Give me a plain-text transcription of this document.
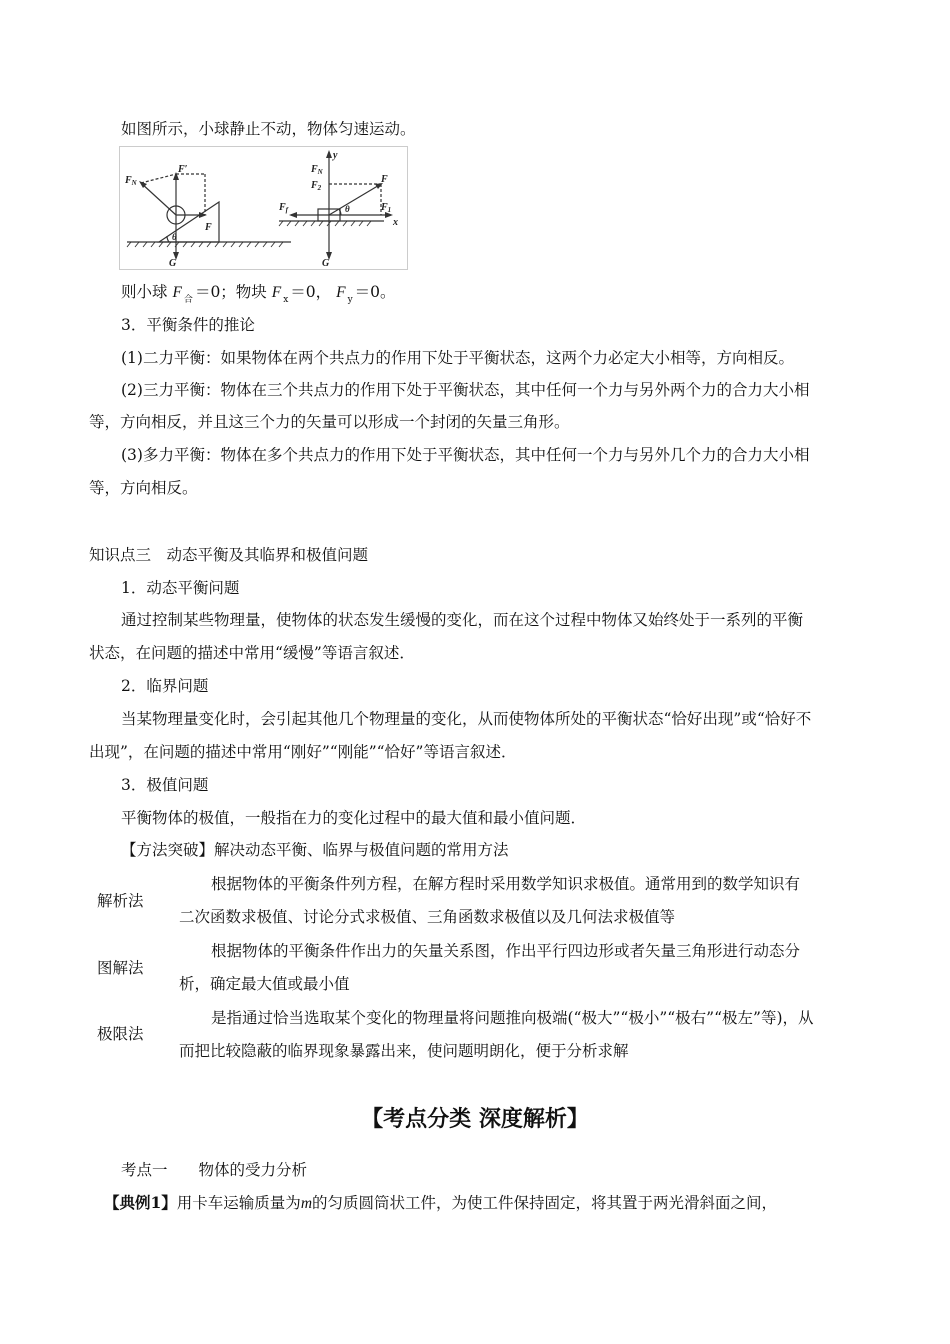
如图所示，小球静止不动，物体匀速运动。
$F_N$
F′
F
θ
G
y
$F_N$
$F_2$
F
$F_f$	$F_1$
θ
x
G
则小球 F $_合$ ＝0；物块 F $_x$ ＝0， F $_y$ ＝0。
3．平衡条件的推论
(1)二力平衡：如果物体在两个共点力的作用下处于平衡状态，这两个力必定大小相等，方向相反。
(2)三力平衡：物体在三个共点力的作用下处于平衡状态，其中任何一个力与另外两个力的合力大小相
等，方向相反，并且这三个力的矢量可以形成一个封闭的矢量三角形。
(3)多力平衡：物体在多个共点力的作用下处于平衡状态，其中任何一个力与另外几个力的合力大小相
等，方向相反。
知识点三　动态平衡及其临界和极值问题
1．动态平衡问题
通过控制某些物理量，使物体的状态发生缓慢的变化，而在这个过程中物体又始终处于一系列的平衡
状态，在问题的描述中常用“缓慢”等语言叙述．
2．临界问题
当某物理量变化时，会引起其他几个物理量的变化，从而使物体所处的平衡状态“恰好出现”或“恰好不
出现”，在问题的描述中常用“刚好”“刚能”“恰好”等语言叙述．
3．极值问题
平衡物体的极值，一般指在力的变化过程中的最大值和最小值问题．
【方法突破】解决动态平衡、临界与极值问题的常用方法
解析法
根据物体的平衡条件列方程，在解方程时采用数学知识求极值。通常用到的数学知识有
二次函数求极值、讨论分式求极值、三角函数求极值以及几何法求极值等
图解法
根据物体的平衡条件作出力的矢量关系图，作出平行四边形或者矢量三角形进行动态分
析，确定最大值或最小值
极限法
是指通过恰当选取某个变化的物理量将问题推向极端(“极大”“极小”“极右”“极左”等)，从
而把比较隐蔽的临界现象暴露出来，使问题明朗化，便于分析求解
【考点分类 深度解析】
考点一　　物体的受力分析
【典例1】用卡车运输质量为m的匀质圆筒状工件，为使工件保持固定，将其置于两光滑斜面之间，
